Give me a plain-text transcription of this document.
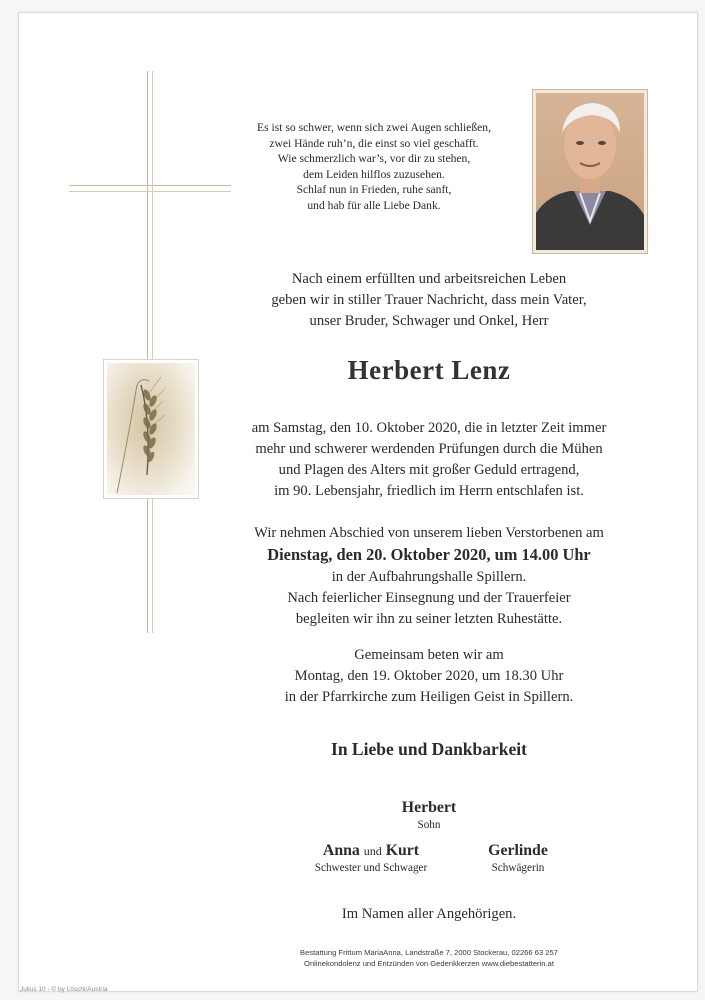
Es ist so schwer, wenn sich zwei Augen schließen,
zwei Hände ruh’n, die einst so viel geschafft.
Wie schmerzlich war’s, vor dir zu stehen,
dem Leiden hilflos zuzusehen.
Schlaf nun in Frieden, ruhe sanft,
und hab für alle Liebe Dank.
Nach einem erfüllten und arbeitsreichen Leben
geben wir in stiller Trauer Nachricht, dass mein Vater,
unser Bruder, Schwager und Onkel, Herr
Herbert Lenz
am Samstag, den 10. Oktober 2020, die in letzter Zeit immer
mehr und schwerer werdenden Prüfungen durch die Mühen
und Plagen des Alters mit großer Geduld ertragend,
im 90. Lebensjahr, friedlich im Herrn entschlafen ist.
Wir nehmen Abschied von unserem lieben Verstorbenen am
Dienstag, den 20. Oktober 2020, um 14.00 Uhr
in der Aufbahrungshalle Spillern.
Nach feierlicher Einsegnung und der Trauerfeier
begleiten wir ihn zu seiner letzten Ruhestätte.
Gemeinsam beten wir am
Montag, den 19. Oktober 2020, um 18.30 Uhr
in der Pfarrkirche zum Heiligen Geist in Spillern.
In Liebe und Dankbarkeit
Herbert
Sohn
Anna und Kurt
Schwester und Schwager
Gerlinde
Schwägerin
Im Namen aller Angehörigen.
Bestattung Frittum MariaAnna, Landstraße 7, 2000 Stockerau, 02266 63 257
Onlinekondolenz und Entzünden von Gedenkkerzen www.diebestatterin.at
Julius 10 - © by Löschi/Austria
